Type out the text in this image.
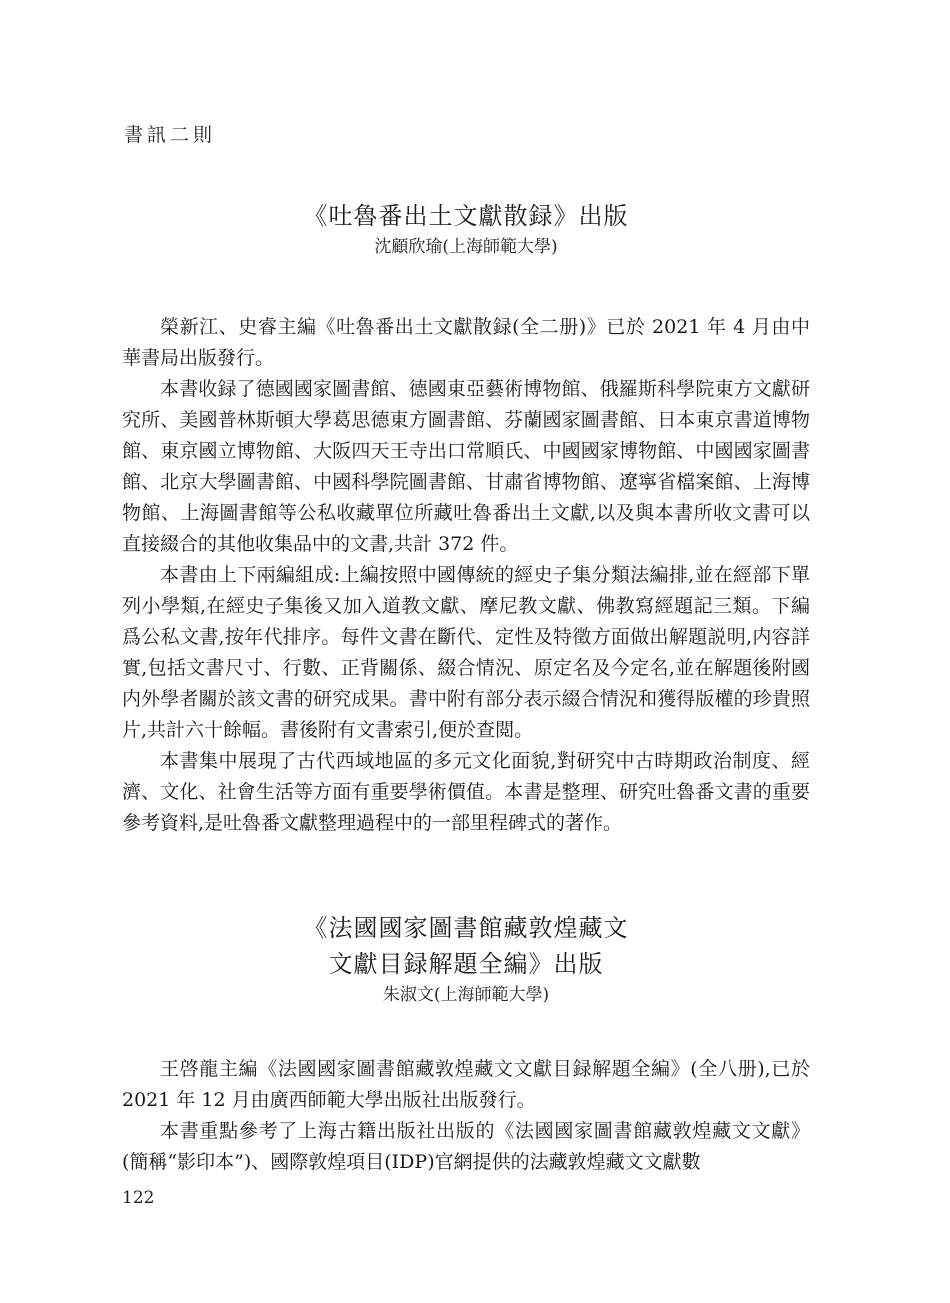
書訊二則
《吐魯番出土文獻散録》出版

沈顧欣瑜(上海師範大學)

榮新江、史睿主編《吐魯番出土文獻散録(全二册)》已於 2021 年 4 月由中華書局出版發行。

本書收録了德國國家圖書館、德國東亞藝術博物館、俄羅斯科學院東方文獻研究所、美國普林斯頓大學葛思德東方圖書館、芬蘭國家圖書館、日本東京書道博物館、東京國立博物館、大阪四天王寺出口常順氏、中國國家博物館、中國國家圖書館、北京大學圖書館、中國科學院圖書館、甘肅省博物館、遼寧省檔案館、上海博物館、上海圖書館等公私收藏單位所藏吐魯番出土文獻,以及與本書所收文書可以直接綴合的其他收集品中的文書,共計 372 件。

本書由上下兩編組成:上編按照中國傳統的經史子集分類法編排,並在經部下單列小學類,在經史子集後又加入道教文獻、摩尼教文獻、佛教寫經題記三類。下編爲公私文書,按年代排序。每件文書在斷代、定性及特徵方面做出解題説明,内容詳實,包括文書尺寸、行數、正背關係、綴合情況、原定名及今定名,並在解題後附國内外學者關於該文書的研究成果。書中附有部分表示綴合情況和獲得版權的珍貴照片,共計六十餘幅。書後附有文書索引,便於查閲。

本書集中展現了古代西域地區的多元文化面貌,對研究中古時期政治制度、經濟、文化、社會生活等方面有重要學術價值。本書是整理、研究吐魯番文書的重要參考資料,是吐魯番文獻整理過程中的一部里程碑式的著作。

《法國國家圖書館藏敦煌藏文
文獻目録解題全編》出版

朱淑文(上海師範大學)

王啓龍主編《法國國家圖書館藏敦煌藏文文獻目録解題全編》(全八册),已於 2021 年 12 月由廣西師範大學出版社出版發行。

本書重點參考了上海古籍出版社出版的《法國國家圖書館藏敦煌藏文文獻》(簡稱“影印本”)、國際敦煌項目(IDP)官網提供的法藏敦煌藏文文獻數

122
